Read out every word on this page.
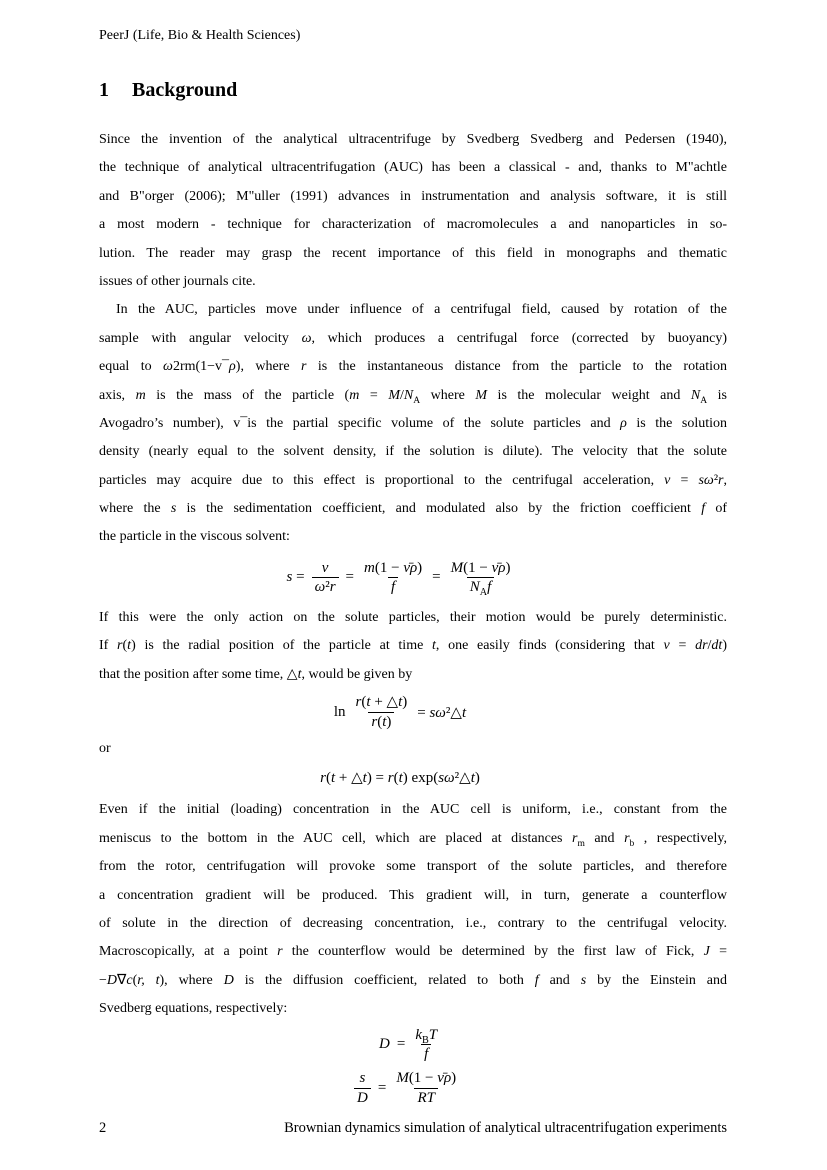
PeerJ (Life, Bio & Health Sciences)
1 Background
Since the invention of the analytical ultracentrifuge by Svedberg Svedberg and Pedersen (1940),
the technique of analytical ultracentrifugation (AUC) has been a classical - and, thanks to M"achtle
and B"orger (2006); M"uller (1991) advances in instrumentation and analysis software, it is still
a most modern - technique for characterization of macromolecules a and nanoparticles in so-
lution. The reader may grasp the recent importance of this field in monographs and thematic
issues of other journals cite.
In the AUC, particles move under influence of a centrifugal field, caused by rotation of the
sample with angular velocity ω, which produces a centrifugal force (corrected by buoyancy)
equal to ω2rm(1−v¯ρ), where r is the instantaneous distance from the particle to the rotation
axis, m is the mass of the particle ($m = M/N_A$ where M is the molecular weight and $N_A$ is
Avogadro’s number), v¯is the partial specific volume of the solute particles and ρ is the solution
density (nearly equal to the solvent density, if the solution is dilute). The velocity that the solute
particles may acquire due to this effect is proportional to the centrifugal acceleration, v = sω²r,
where the s is the sedimentation coefficient, and modulated also by the friction coefficient f of
the particle in the viscous solvent:
$s = \frac{\nu}{\text{ω²r}} = \frac{m(1 - \nū\rho)}{f} = \frac{M(1 - \nū\rho)}{N_Af}$
If this were the only action on the solute particles, their motion would be purely deterministic.
If r(t) is the radial position of the particle at time t, one easily finds (considering that v = dr/dt)
that the position after some time, △t, would be given by
$\ln \frac{r(t + \triangle t)}{r(t)}$ = sω²△t
or
r(t + △t) = r(t) exp(sω²△t)
Even if the initial (loading) concentration in the AUC cell is uniform, i.e., constant from the
meniscus to the bottom in the AUC cell, which are placed at distances $r_m$ and $r_b$ , respectively,
from the rotor, centrifugation will provoke some transport of the solute particles, and therefore
a concentration gradient will be produced. This gradient will, in turn, generate a counterflow
of solute in the direction of decreasing concentration, i.e., contrary to the centrifugal velocity.
Macroscopically, at a point r the counterflow would be determined by the first law of Fick, J =
−D∇c(r, t), where D is the diffusion coefficient, related to both f and s by the Einstein and
Svedberg equations, respectively:
$D = \frac{k_BT}{f}$
$\frac{s}{D} = \frac{M(1 - \nū\rho)}{RT}$
2	Brownian dynamics simulation of analytical ultracentrifugation experiments
